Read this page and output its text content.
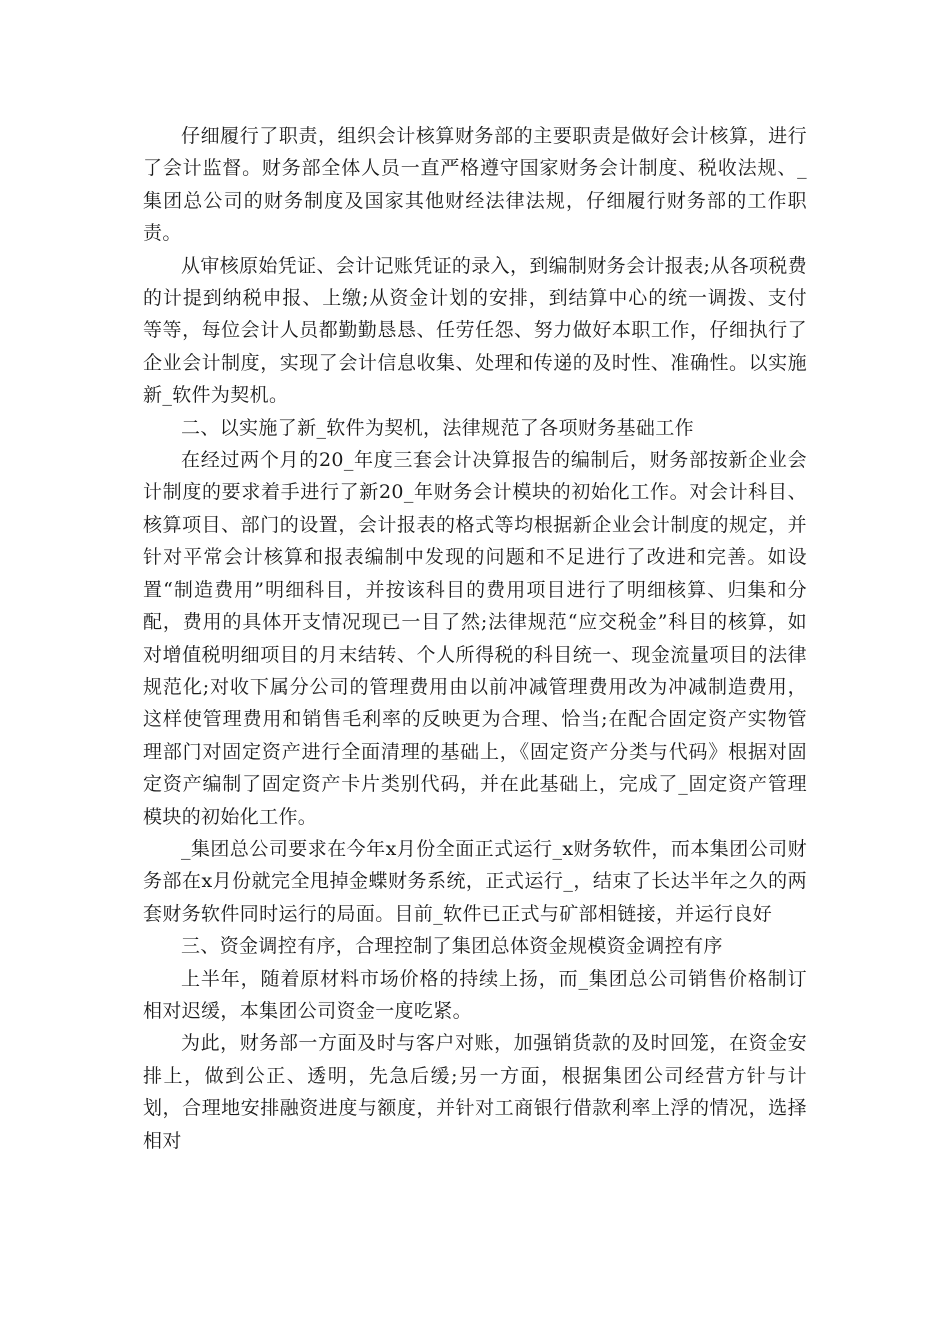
仔细履行了职责，组织会计核算财务部的主要职责是做好会计核算，进行了会计监督。财务部全体人员一直严格遵守国家财务会计制度、税收法规、_集团总公司的财务制度及国家其他财经法律法规，仔细履行财务部的工作职责。

从审核原始凭证、会计记账凭证的录入，到编制财务会计报表;从各项税费的计提到纳税申报、上缴;从资金计划的安排，到结算中心的统一调拨、支付等等，每位会计人员都勤勤恳恳、任劳任怨、努力做好本职工作，仔细执行了企业会计制度，实现了会计信息收集、处理和传递的及时性、准确性。以实施新_软件为契机。

二、以实施了新_软件为契机，法律规范了各项财务基础工作

在经过两个月的20_年度三套会计决算报告的编制后，财务部按新企业会计制度的要求着手进行了新20_年财务会计模块的初始化工作。对会计科目、核算项目、部门的设置，会计报表的格式等均根据新企业会计制度的规定，并针对平常会计核算和报表编制中发现的问题和不足进行了改进和完善。如设置“制造费用”明细科目，并按该科目的费用项目进行了明细核算、归集和分配，费用的具体开支情况现已一目了然;法律规范“应交税金”科目的核算，如对增值税明细项目的月末结转、个人所得税的科目统一、现金流量项目的法律规范化;对收下属分公司的管理费用由以前冲减管理费用改为冲减制造费用，这样使管理费用和销售毛利率的反映更为合理、恰当;在配合固定资产实物管理部门对固定资产进行全面清理的基础上，《固定资产分类与代码》根据对固定资产编制了固定资产卡片类别代码，并在此基础上，完成了_固定资产管理模块的初始化工作。

_集团总公司要求在今年x月份全面正式运行_x财务软件，而本集团公司财务部在x月份就完全甩掉金蝶财务系统，正式运行_，结束了长达半年之久的两套财务软件同时运行的局面。目前_软件已正式与矿部相链接，并运行良好

三、资金调控有序，合理控制了集团总体资金规模资金调控有序

上半年，随着原材料市场价格的持续上扬，而_集团总公司销售价格制订相对迟缓，本集团公司资金一度吃紧。

为此，财务部一方面及时与客户对账，加强销货款的及时回笼，在资金安排上，做到公正、透明，先急后缓;另一方面，根据集团公司经营方针与计划，合理地安排融资进度与额度，并针对工商银行借款利率上浮的情况，选择相对
